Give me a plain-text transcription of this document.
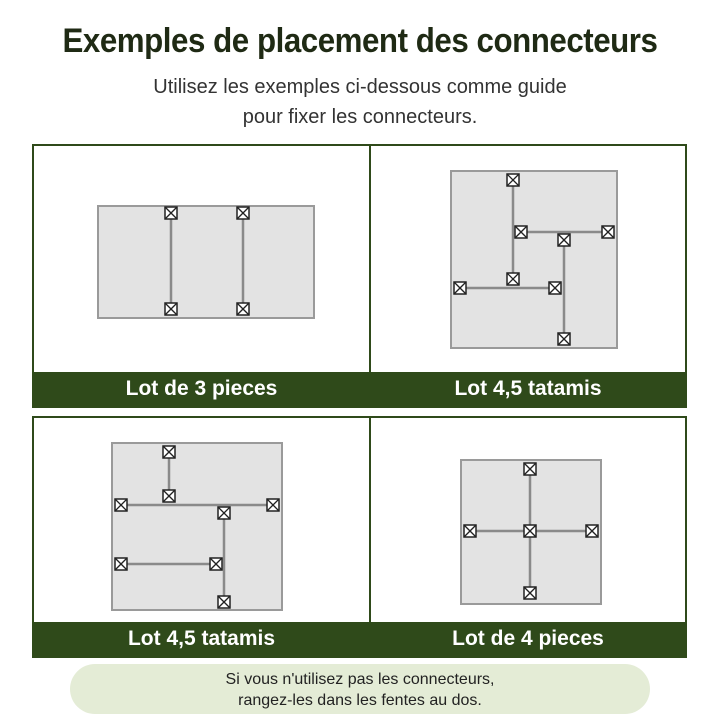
Exemples de placement des connecteurs
Utilisez les exemples ci-dessous comme guide
pour fixer les connecteurs.
Lot de 3 pieces	Lot 4,5 tatamis
Lot 4,5 tatamis	Lot de 4 pieces
Si vous n'utilisez pas les connecteurs,
rangez-les dans les fentes au dos.
